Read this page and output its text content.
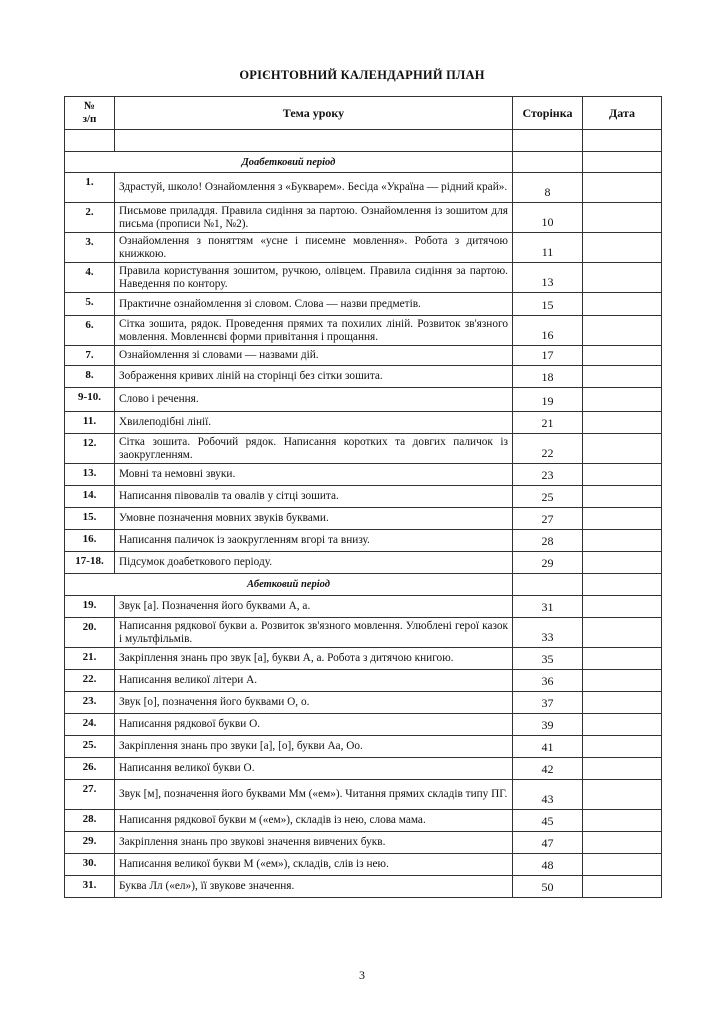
ОРІЄНТОВНИЙ КАЛЕНДАРНИЙ ПЛАН
№
з/п	Тема уроку	Сторінка	Дата

Доабетковий період			
1.	Здрастуй, школо! Ознайомлення з «Букварем». Бесіда «Україна — рідний край».	8	
2.	Письмове приладдя. Правила сидіння за партою. Ознайомлення із зошитом для письма (прописи №1, №2).	10	
3.	Ознайомлення з поняттям «усне і писемне мовлення». Робота з дитячою книжкою.	11	
4.	Правила користування зошитом, ручкою, олівцем. Правила сидіння за партою. Наведення по контору.	13	
5.	Практичне ознайомлення зі словом. Слова — назви предметів.	15	
6.	Сітка зошита, рядок. Проведення прямих та похилих ліній. Розвиток зв'язного мовлення. Мовленнєві форми привітання і прощання.	16	
7.	Ознайомлення зі словами — назвами дій.	17	
8.	Зображення кривих ліній на сторінці без сітки зошита.	18	
9-10.	Слово і речення.	19	
11.	Хвилеподібні лінії.	21	
12.	Сітка зошита. Робочий рядок. Написання коротких та довгих паличок із заокругленням.	22	
13.	Мовні та немовні звуки.	23	
14.	Написання півовалів та овалів у сітці зошита.	25	
15.	Умовне позначення мовних звуків буквами.	27	
16.	Написання паличок із заокругленням вгорі та внизу.	28	
17-18.	Підсумок доабеткового періоду.	29	
Абетковий період			
19.	Звук [а]. Позначення його буквами А, а.	31	
20.	Написання рядкової букви а. Розвиток зв'язного мовлення. Улюблені герої казок і мультфільмів.	33	
21.	Закріплення знань про звук [а], букви А, а. Робота з дитячою книгою.	35	
22.	Написання великої літери А.	36	
23.	Звук [о], позначення його буквами О, о.	37	
24.	Написання рядкової букви О.	39	
25.	Закріплення знань про звуки [а], [о], букви Аа, Оо.	41	
26.	Написання великої букви О.	42	
27.	Звук [м], позначення його буквами Мм («ем»). Читання прямих складів типу ПГ.	43	
28.	Написання рядкової букви м («ем»), складів із нею, слова мама.	45	
29.	Закріплення знань про звукові значення вивчених букв.	47	
30.	Написання великої букви М («ем»), складів, слів із нею.	48	
31.	Буква Лл («ел»), її звукове значення.	50	
3
